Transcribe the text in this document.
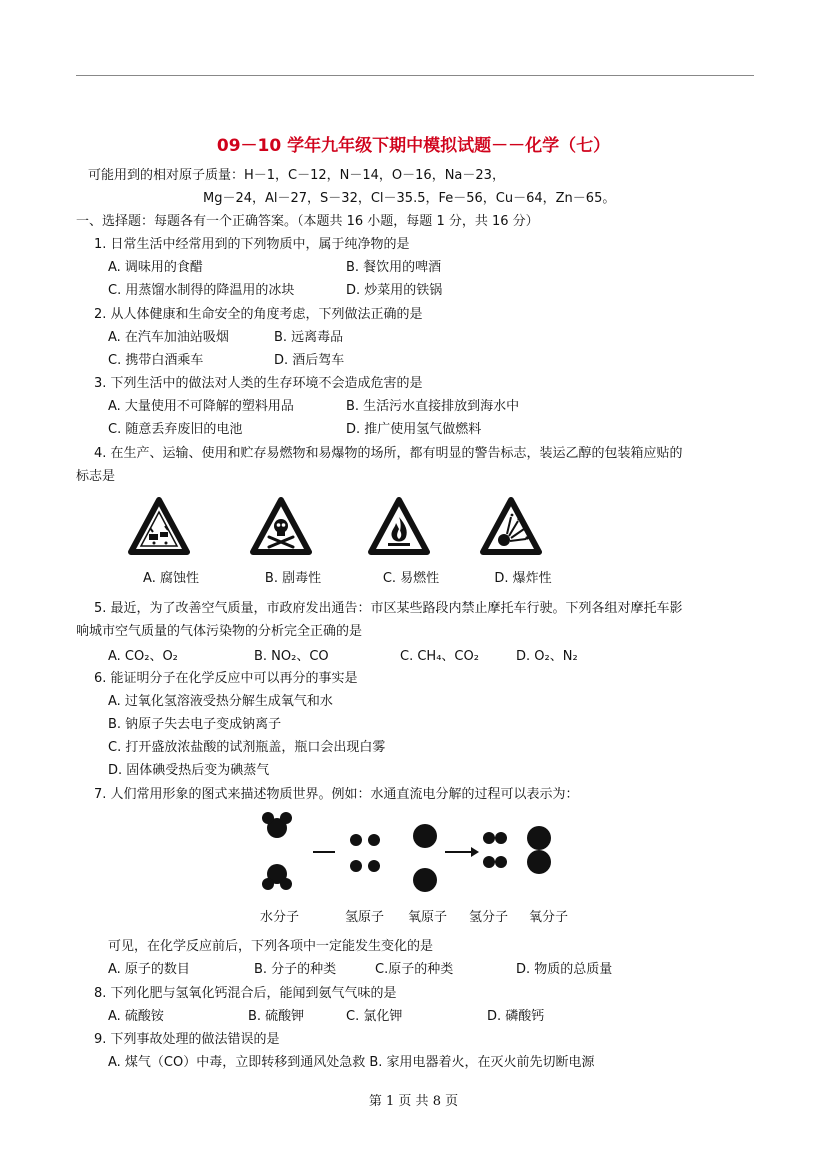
09－10 学年九年级下期中模拟试题－－化学（七）
可能用到的相对原子质量：H－1，C－12，N－14，O－16，Na－23，
Mg－24，Al－27，S－32，Cl－35.5，Fe－56，Cu－64，Zn－65。
一、选择题：每题各有一个正确答案。（本题共 16 小题，每题 1 分，共 16 分）
1. 日常生活中经常用到的下列物质中，属于纯净物的是
A. 调味用的食醋	B. 餐饮用的啤酒
C. 用蒸馏水制得的降温用的冰块	D. 炒菜用的铁锅
2. 从人体健康和生命安全的角度考虑，下列做法正确的是
A. 在汽车加油站吸烟	B. 远离毒品
C. 携带白酒乘车	D. 酒后驾车
3. 下列生活中的做法对人类的生存环境不会造成危害的是
A. 大量使用不可降解的塑料用品	B. 生活污水直接排放到海水中
C. 随意丢弃废旧的电池	D. 推广使用氢气做燃料
4. 在生产、运输、使用和贮存易燃物和易爆物的场所，都有明显的警告标志，装运乙醇的包装箱应贴的
标志是
A. 腐蚀性	B. 剧毒性	C. 易燃性	D. 爆炸性
5. 最近，为了改善空气质量，市政府发出通告：市区某些路段内禁止摩托车行驶。下列各组对摩托车影
响城市空气质量的气体污染物的分析完全正确的是
A. CO₂、O₂	B. NO₂、CO	C. CH₄、CO₂	D. O₂、N₂
6. 能证明分子在化学反应中可以再分的事实是
A. 过氧化氢溶液受热分解生成氧气和水
B. 钠原子失去电子变成钠离子
C. 打开盛放浓盐酸的试剂瓶盖，瓶口会出现白雾
D. 固体碘受热后变为碘蒸气
7. 人们常用形象的图式来描述物质世界。例如：水通直流电分解的过程可以表示为：
水分子	氢原子 氧原子 氢分子 氧分子
可见，在化学反应前后，下列各项中一定能发生变化的是
A. 原子的数目	B. 分子的种类	C.原子的种类	D. 物质的总质量
8. 下列化肥与氢氧化钙混合后，能闻到氨气气味的是
A. 硫酸铵	B. 硫酸钾	C. 氯化钾	D. 磷酸钙
9. 下列事故处理的做法错误的是
A. 煤气（CO）中毒，立即转移到通风处急救 B. 家用电器着火，在灭火前先切断电源
第 1 页 共 8 页
